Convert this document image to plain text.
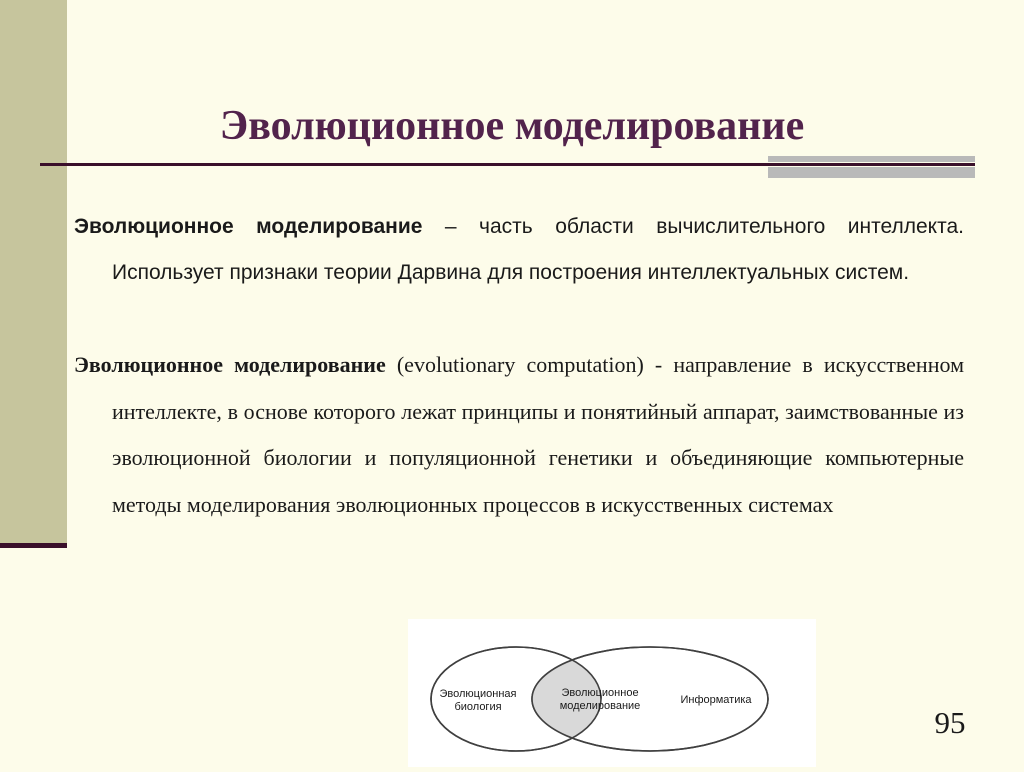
Эволюционное моделирование
Эволюционное моделирование – часть области вычислительного интеллекта. Использует признаки теории Дарвина для построения интеллектуальных систем.
Эволюционное моделирование (evolutionary computation) - направление в искусственном интеллекте, в основе которого лежат принципы и понятийный аппарат, заимствованные из эволюционной биологии и популяционной генетики и объединяющие компьютерные методы моделирования эволюционных процессов в искусственных системах
Эволюционная
биология
Эволюционное
моделирование	Информатика
95
